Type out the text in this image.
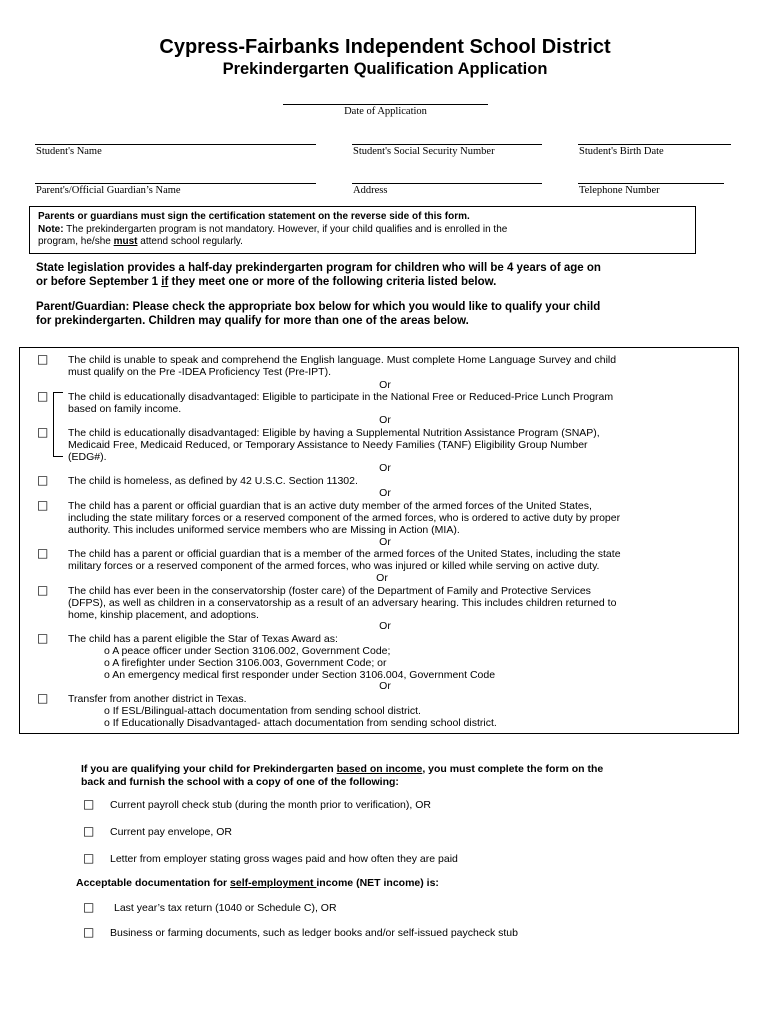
Cypress-Fairbanks Independent School District
Prekindergarten Qualification Application
Date of Application
Student's Name	Student's Social Security Number	Student's Birth Date
Parent's/Official Guardian’s Name	Address	Telephone Number
Parents or guardians must sign the certification statement on the reverse side of this form.
Note: The prekindergarten program is not mandatory. However, if your child qualifies and is enrolled in the
program, he/she must attend school regularly.
State legislation provides a half-day prekindergarten program for children who will be 4 years of age on
or before September 1 if they meet one or more of the following criteria listed below.
Parent/Guardian: Please check the appropriate box below for which you would like to qualify your child
for prekindergarten. Children may qualify for more than one of the areas below.
□ The child is unable to speak and comprehend the English language. Must complete Home Language Survey and child
must qualify on the Pre -IDEA Proficiency Test (Pre-IPT).
Or
□ The child is educationally disadvantaged: Eligible to participate in the National Free or Reduced-Price Lunch Program
based on family income.
Or
□ The child is educationally disadvantaged: Eligible by having a Supplemental Nutrition Assistance Program (SNAP),
Medicaid Free, Medicaid Reduced, or Temporary Assistance to Needy Families (TANF) Eligibility Group Number
(EDG#).
Or
□ The child is homeless, as defined by 42 U.S.C. Section 11302.
Or
□ The child has a parent or official guardian that is an active duty member of the armed forces of the United States,
including the state military forces or a reserved component of the armed forces, who is ordered to active duty by proper
authority. This includes uniformed service members who are Missing in Action (MIA).
Or
□ The child has a parent or official guardian that is a member of the armed forces of the United States, including the state
military forces or a reserved component of the armed forces, who was injured or killed while serving on active duty.
Or
□ The child has ever been in the conservatorship (foster care) of the Department of Family and Protective Services
(DFPS), as well as children in a conservatorship as a result of an adversary hearing. This includes children returned to
home, kinship placement, and adoptions.
Or
□ The child has a parent eligible the Star of Texas Award as:
o A peace officer under Section 3106.002, Government Code;
o A firefighter under Section 3106.003, Government Code; or
o An emergency medical first responder under Section 3106.004, Government Code
Or
□ Transfer from another district in Texas.
o If ESL/Bilingual-attach documentation from sending school district.
o If Educationally Disadvantaged- attach documentation from sending school district.
If you are qualifying your child for Prekindergarten based on income, you must complete the form on the
back and furnish the school with a copy of one of the following:
□ Current payroll check stub (during the month prior to verification), OR
□ Current pay envelope, OR
□ Letter from employer stating gross wages paid and how often they are paid
Acceptable documentation for self-employment income (NET income) is:
□ Last year’s tax return (1040 or Schedule C), OR
□ Business or farming documents, such as ledger books and/or self-issued paycheck stub
